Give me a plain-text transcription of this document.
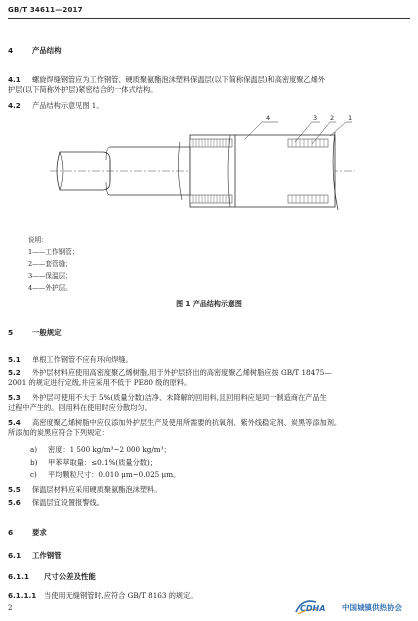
GB/T 34611—2017
4	产品结构
4.1 螺旋焊缝钢管应为工作钢管、硬质聚氨酯泡沫塑料保温层(以下简称保温层)和高密度聚乙烯外
护层(以下简称外护层)紧密结合的一体式结构。
4.2 产品结构示意见图 1。
4	3 2 1
说明：
1——工作钢管；
2——套管缝；
3——保温层；
4——外护层。
图 1 产品结构示意图
5	一般规定
5.1 单根工作钢管不应有环向焊缝。
5.2 外护层材料应使用高密度聚乙烯树脂,用于外护层挤出的高密度聚乙烯树脂应按 GB/T 18475—
2001 的规定进行定级,并应采用不低于 PE80 级的原料。
5.3 外护层可使用不大于 5%(质量分数)洁净、未降解的回用料,且回用料应是同一制造商在产品生
过程中产生的。回用料在使用时应分散均匀。
5.4 高密度聚乙烯树脂中应仅添加外护层生产及使用所需要的抗氧剂、紫外线稳定剂、炭黑等添加剂。
所添加的炭黑应符合下列规定：
a) 密度：1 500 kg/m³~2 000 kg/m³；
b) 甲苯萃取量：≤0.1%(质量分数)；
c) 平均颗粒尺寸：0.010 μm~0.025 μm。
5.5 保温层材料应采用硬质聚氨酯泡沫塑料。
5.6 保温层宜设置报警线。
6	要求
6.1 工作钢管
6.1.1 尺寸公差及性能
6.1.1.1 当使用无缝钢管时,应符合 GB/T 8163 的规定。
2	CDHA 中国城镇供热协会
